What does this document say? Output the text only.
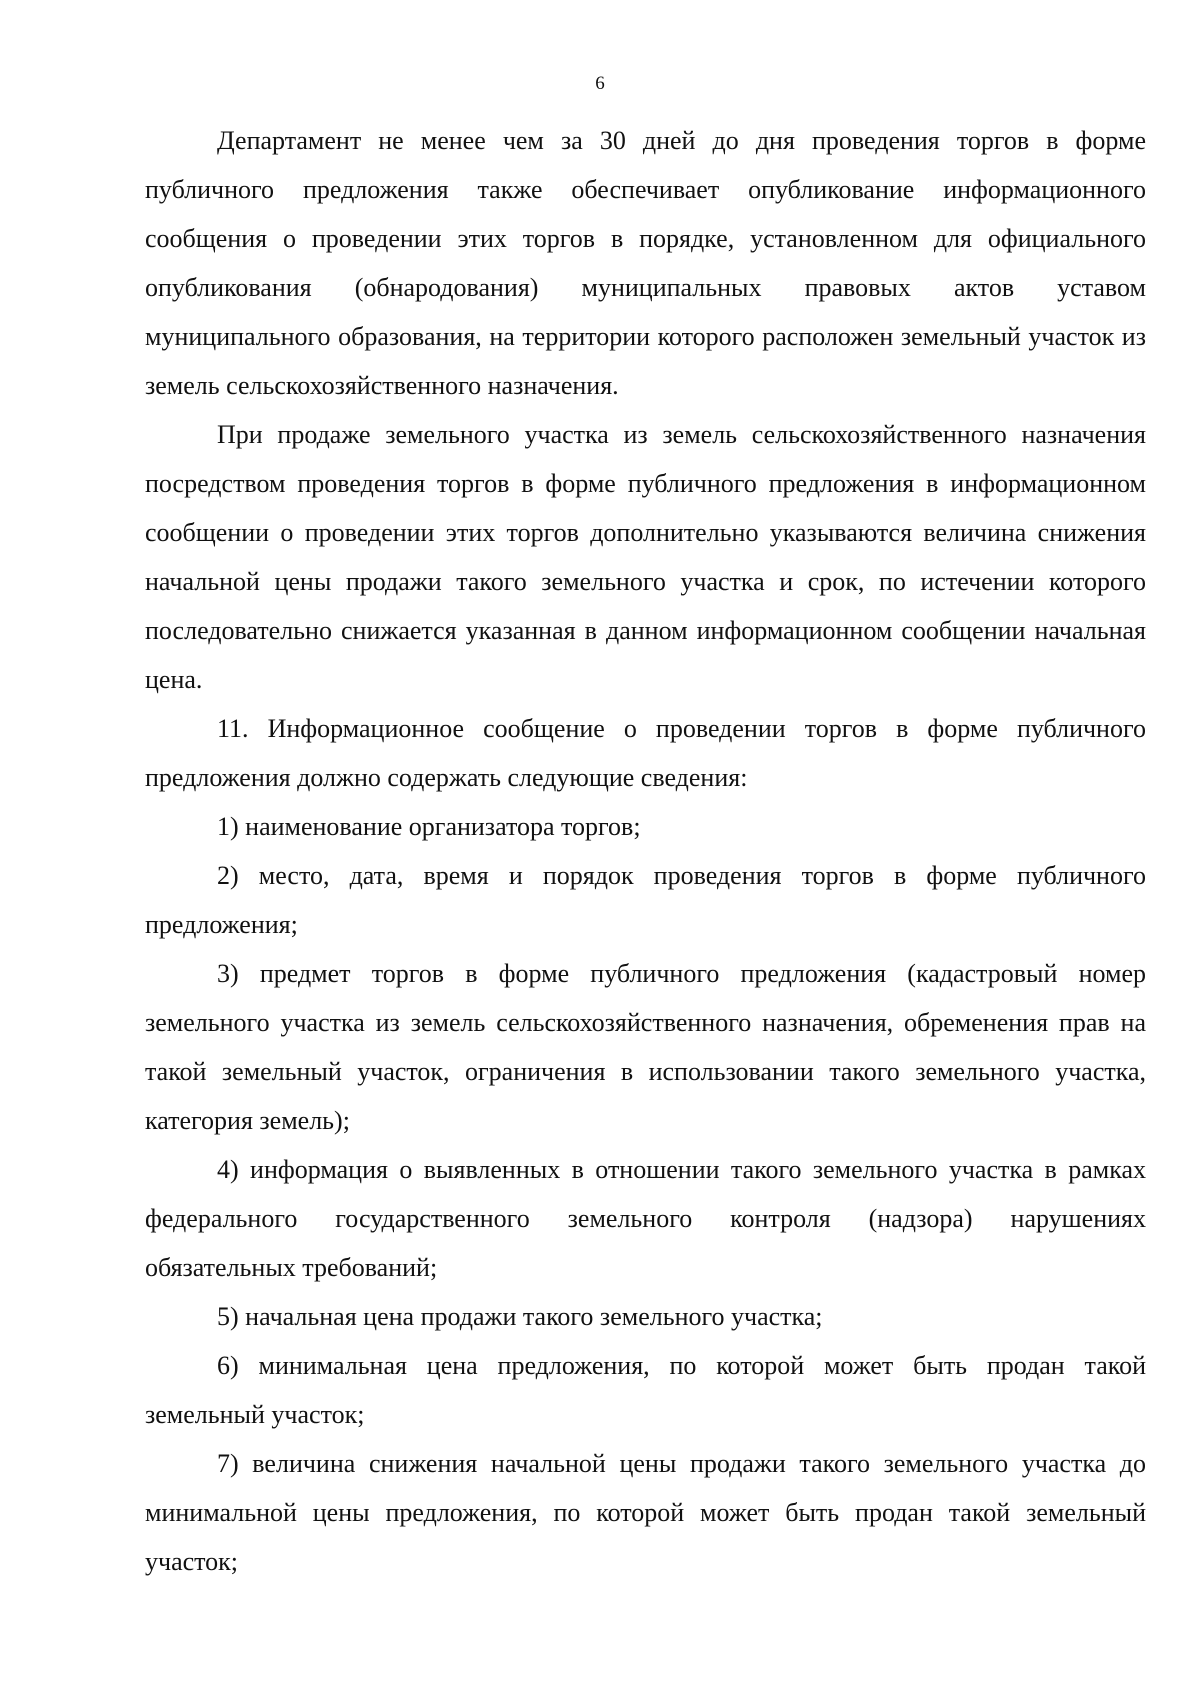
6

Департамент не менее чем за 30 дней до дня проведения торгов в форме публичного предложения также обеспечивает опубликование информационного сообщения о проведении этих торгов в порядке, установленном для официального опубликования (обнародования) муниципальных правовых актов уставом муниципального образования, на территории которого расположен земельный участок из земель сельскохозяйственного назначения.

При продаже земельного участка из земель сельскохозяйственного назначения посредством проведения торгов в форме публичного предложения в информационном сообщении о проведении этих торгов дополнительно указываются величина снижения начальной цены продажи такого земельного участка и срок, по истечении которого последовательно снижается указанная в данном информационном сообщении начальная цена.

11. Информационное сообщение о проведении торгов в форме публичного предложения должно содержать следующие сведения:

1) наименование организатора торгов;

2) место, дата, время и порядок проведения торгов в форме публичного предложения;

3) предмет торгов в форме публичного предложения (кадастровый номер земельного участка из земель сельскохозяйственного назначения, обременения прав на такой земельный участок, ограничения в использовании такого земельного участка, категория земель);

4) информация о выявленных в отношении такого земельного участка в рамках федерального государственного земельного контроля (надзора) нарушениях обязательных требований;

5) начальная цена продажи такого земельного участка;

6) минимальная цена предложения, по которой может быть продан такой земельный участок;

7) величина снижения начальной цены продажи такого земельного участка до минимальной цены предложения, по которой может быть продан такой земельный участок;
